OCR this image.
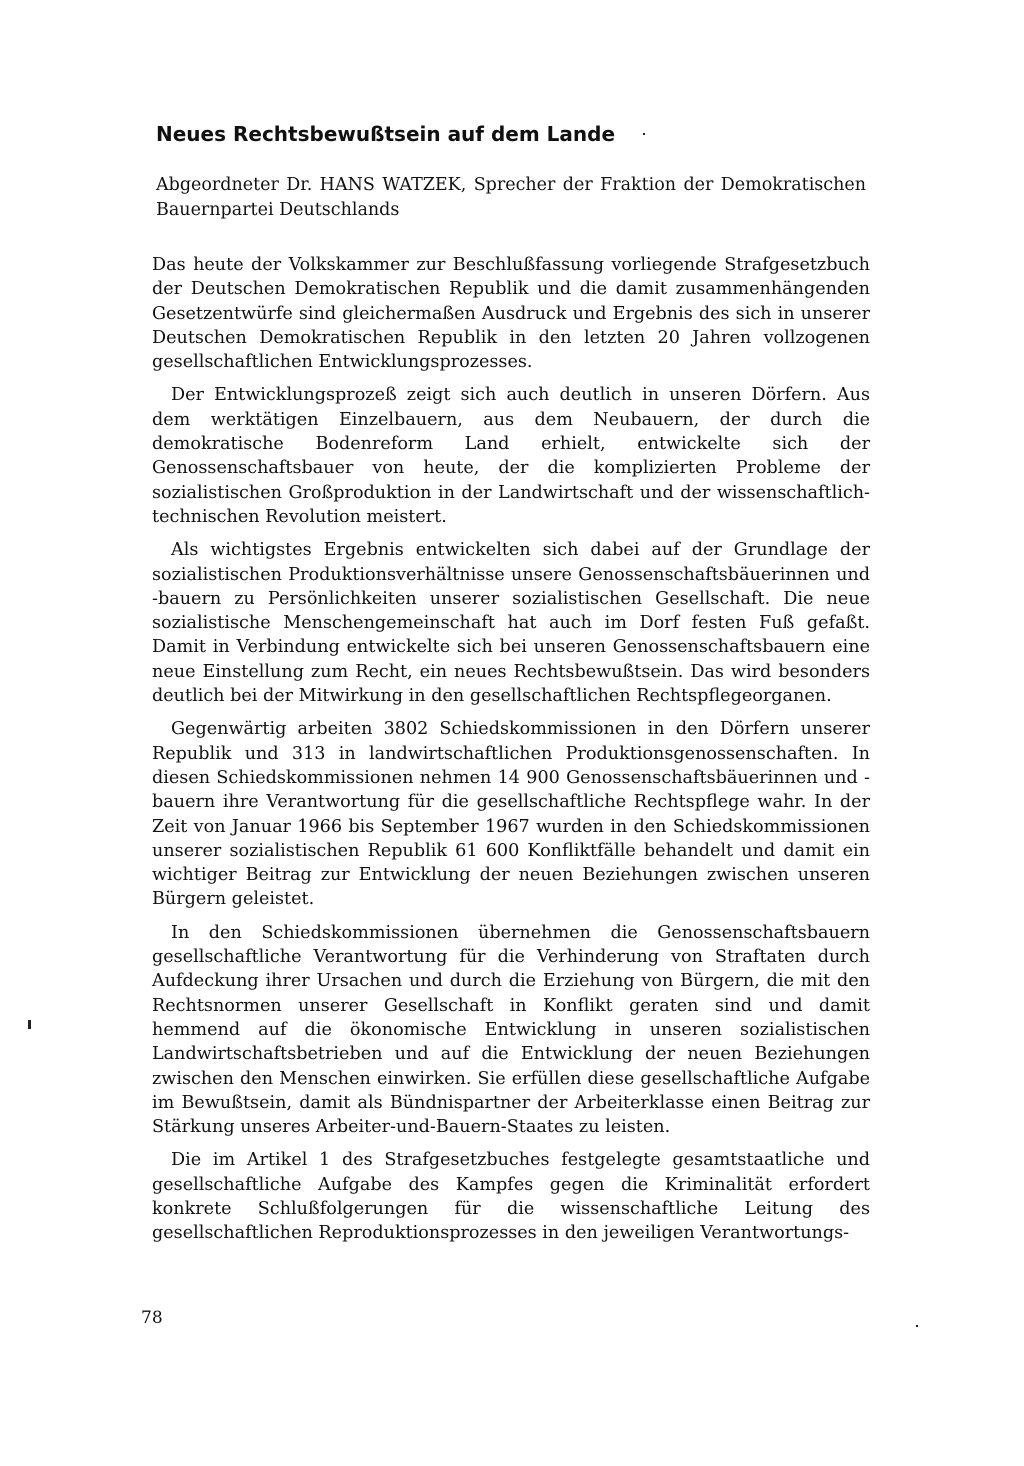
Neues Rechtsbewußtsein auf dem Lande

Abgeordneter Dr. HANS WATZEK, Sprecher der Fraktion der Demokratischen Bauernpartei Deutschlands

Das heute der Volkskammer zur Beschlußfassung vorliegende Strafgesetzbuch der Deutschen Demokratischen Republik und die damit zusammenhängenden Gesetzentwürfe sind gleichermaßen Ausdruck und Ergebnis des sich in unserer Deutschen Demokratischen Republik in den letzten 20 Jahren vollzogenen gesellschaftlichen Entwicklungsprozesses.

Der Entwicklungsprozeß zeigt sich auch deutlich in unseren Dörfern. Aus dem werktätigen Einzelbauern, aus dem Neubauern, der durch die demokratische Bodenreform Land erhielt, entwickelte sich der Genossenschaftsbauer von heute, der die komplizierten Probleme der sozialistischen Großproduktion in der Landwirtschaft und der wissenschaftlich-technischen Revolution meistert.

Als wichtigstes Ergebnis entwickelten sich dabei auf der Grundlage der sozialistischen Produktionsverhältnisse unsere Genossenschaftsbäuerinnen und -bauern zu Persönlichkeiten unserer sozialistischen Gesellschaft. Die neue sozialistische Menschengemeinschaft hat auch im Dorf festen Fuß gefaßt. Damit in Verbindung entwickelte sich bei unseren Genossenschaftsbauern eine neue Einstellung zum Recht, ein neues Rechtsbewußtsein. Das wird besonders deutlich bei der Mitwirkung in den gesellschaftlichen Rechtspflegeorganen.

Gegenwärtig arbeiten 3802 Schiedskommissionen in den Dörfern unserer Republik und 313 in landwirtschaftlichen Produktionsgenossenschaften. In diesen Schiedskommissionen nehmen 14 900 Genossenschaftsbäuerinnen und -bauern ihre Verantwortung für die gesellschaftliche Rechtspflege wahr. In der Zeit von Januar 1966 bis September 1967 wurden in den Schiedskommissionen unserer sozialistischen Republik 61 600 Konfliktfälle behandelt und damit ein wichtiger Beitrag zur Entwicklung der neuen Beziehungen zwischen unseren Bürgern geleistet.

In den Schiedskommissionen übernehmen die Genossenschaftsbauern gesellschaftliche Verantwortung für die Verhinderung von Straftaten durch Aufdeckung ihrer Ursachen und durch die Erziehung von Bürgern, die mit den Rechtsnormen unserer Gesellschaft in Konflikt geraten sind und damit hemmend auf die ökonomische Entwicklung in unseren sozialistischen Landwirtschaftsbetrieben und auf die Entwicklung der neuen Beziehungen zwischen den Menschen einwirken. Sie erfüllen diese gesellschaftliche Aufgabe im Bewußtsein, damit als Bündnispartner der Arbeiterklasse einen Beitrag zur Stärkung unseres Arbeiter-und-Bauern-Staates zu leisten.

Die im Artikel 1 des Strafgesetzbuches festgelegte gesamtstaatliche und gesellschaftliche Aufgabe des Kampfes gegen die Kriminalität erfordert konkrete Schlußfolgerungen für die wissenschaftliche Leitung des gesellschaftlichen Reproduktionsprozesses in den jeweiligen Verantwortungs-

78
